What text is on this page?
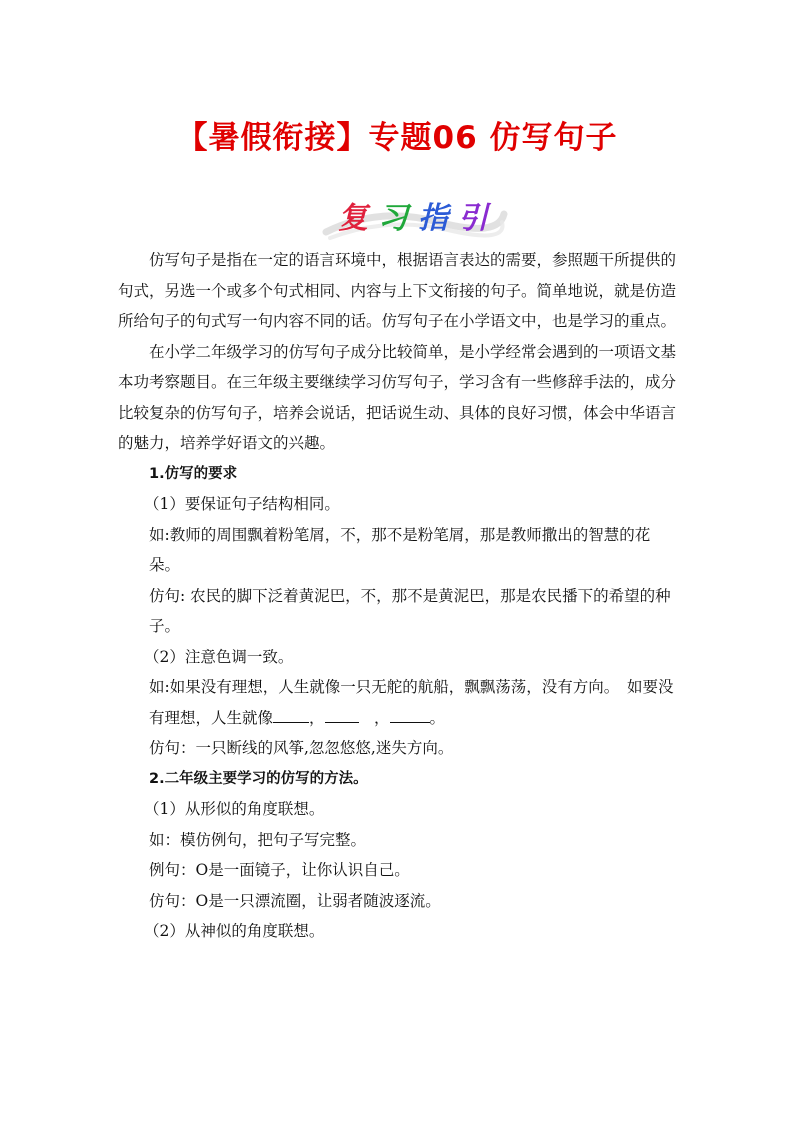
【暑假衔接】专题06 仿写句子
复 习 指 引

仿写句子是指在一定的语言环境中，根据语言表达的需要，参照题干所提供的句式，另选一个或多个句式相同、内容与上下文衔接的句子。简单地说，就是仿造所给句子的句式写一句内容不同的话。仿写句子在小学语文中，也是学习的重点。

在小学二年级学习的仿写句子成分比较简单，是小学经常会遇到的一项语文基本功考察题目。在三年级主要继续学习仿写句子，学习含有一些修辞手法的，成分比较复杂的仿写句子，培养会说话，把话说生动、具体的良好习惯，体会中华语言的魅力，培养学好语文的兴趣。

1.仿写的要求

（1）要保证句子结构相同。

如:教师的周围飘着粉笔屑，不，那不是粉笔屑，那是教师撒出的智慧的花朵。

仿句: 农民的脚下泛着黄泥巴，不，那不是黄泥巴，那是农民播下的希望的种子。

（2）注意色调一致。

如:如果没有理想，人生就像一只无舵的航船，飘飘荡荡，没有方向。　如要没有理想，人生就像 ，　，	。

仿句：一只断线的风筝,忽忽悠悠,迷失方向。

2.二年级主要学习的仿写的方法。

（1）从形似的角度联想。

如：模仿例句，把句子写完整。

例句：O是一面镜子，让你认识自己。

仿句：O是一只漂流圈，让弱者随波逐流。

（2）从神似的角度联想。
